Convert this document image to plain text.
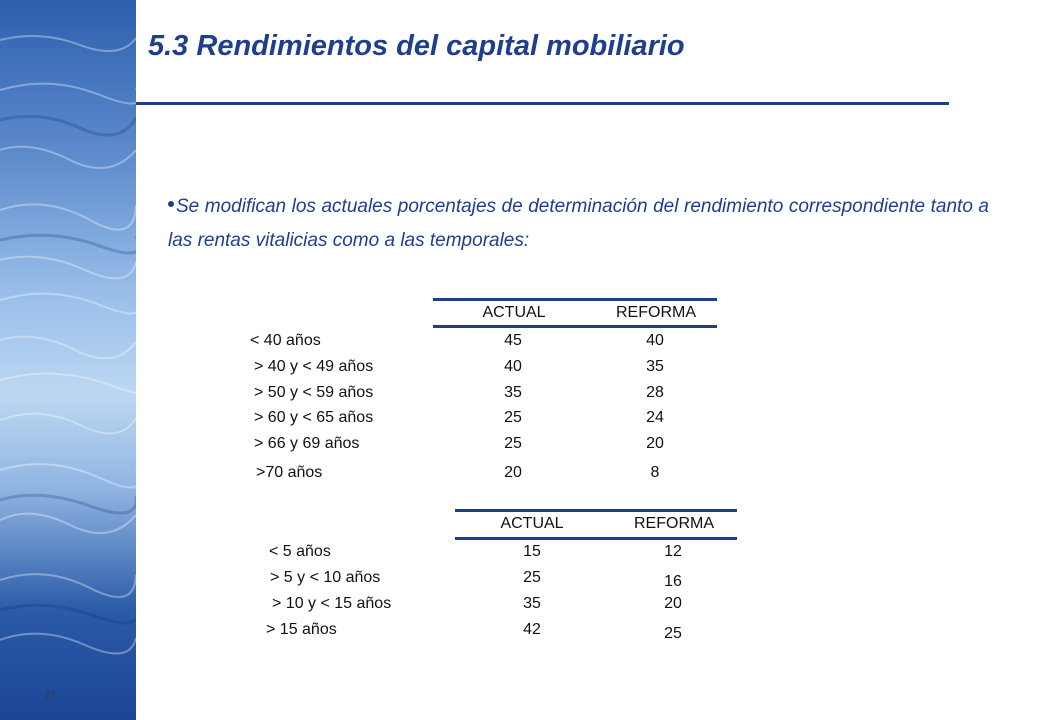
27
5.3 Rendimientos del capital mobiliario
Se modifican los actuales porcentajes de determinación del rendimiento correspondiente tanto a las rentas vitalicias como a las temporales:
ACTUAL	REFORMA
< 40 años	45	40
> 40 y < 49 años	40	35
> 50 y < 59 años	35	28
> 60 y < 65 años	25	24
> 66 y 69 años	25	20
>70 años	20	8
ACTUAL	REFORMA
< 5 años	15	12
> 5 y < 10 años	25	16
> 10 y < 15 años	35	20
> 15 años	42	25
